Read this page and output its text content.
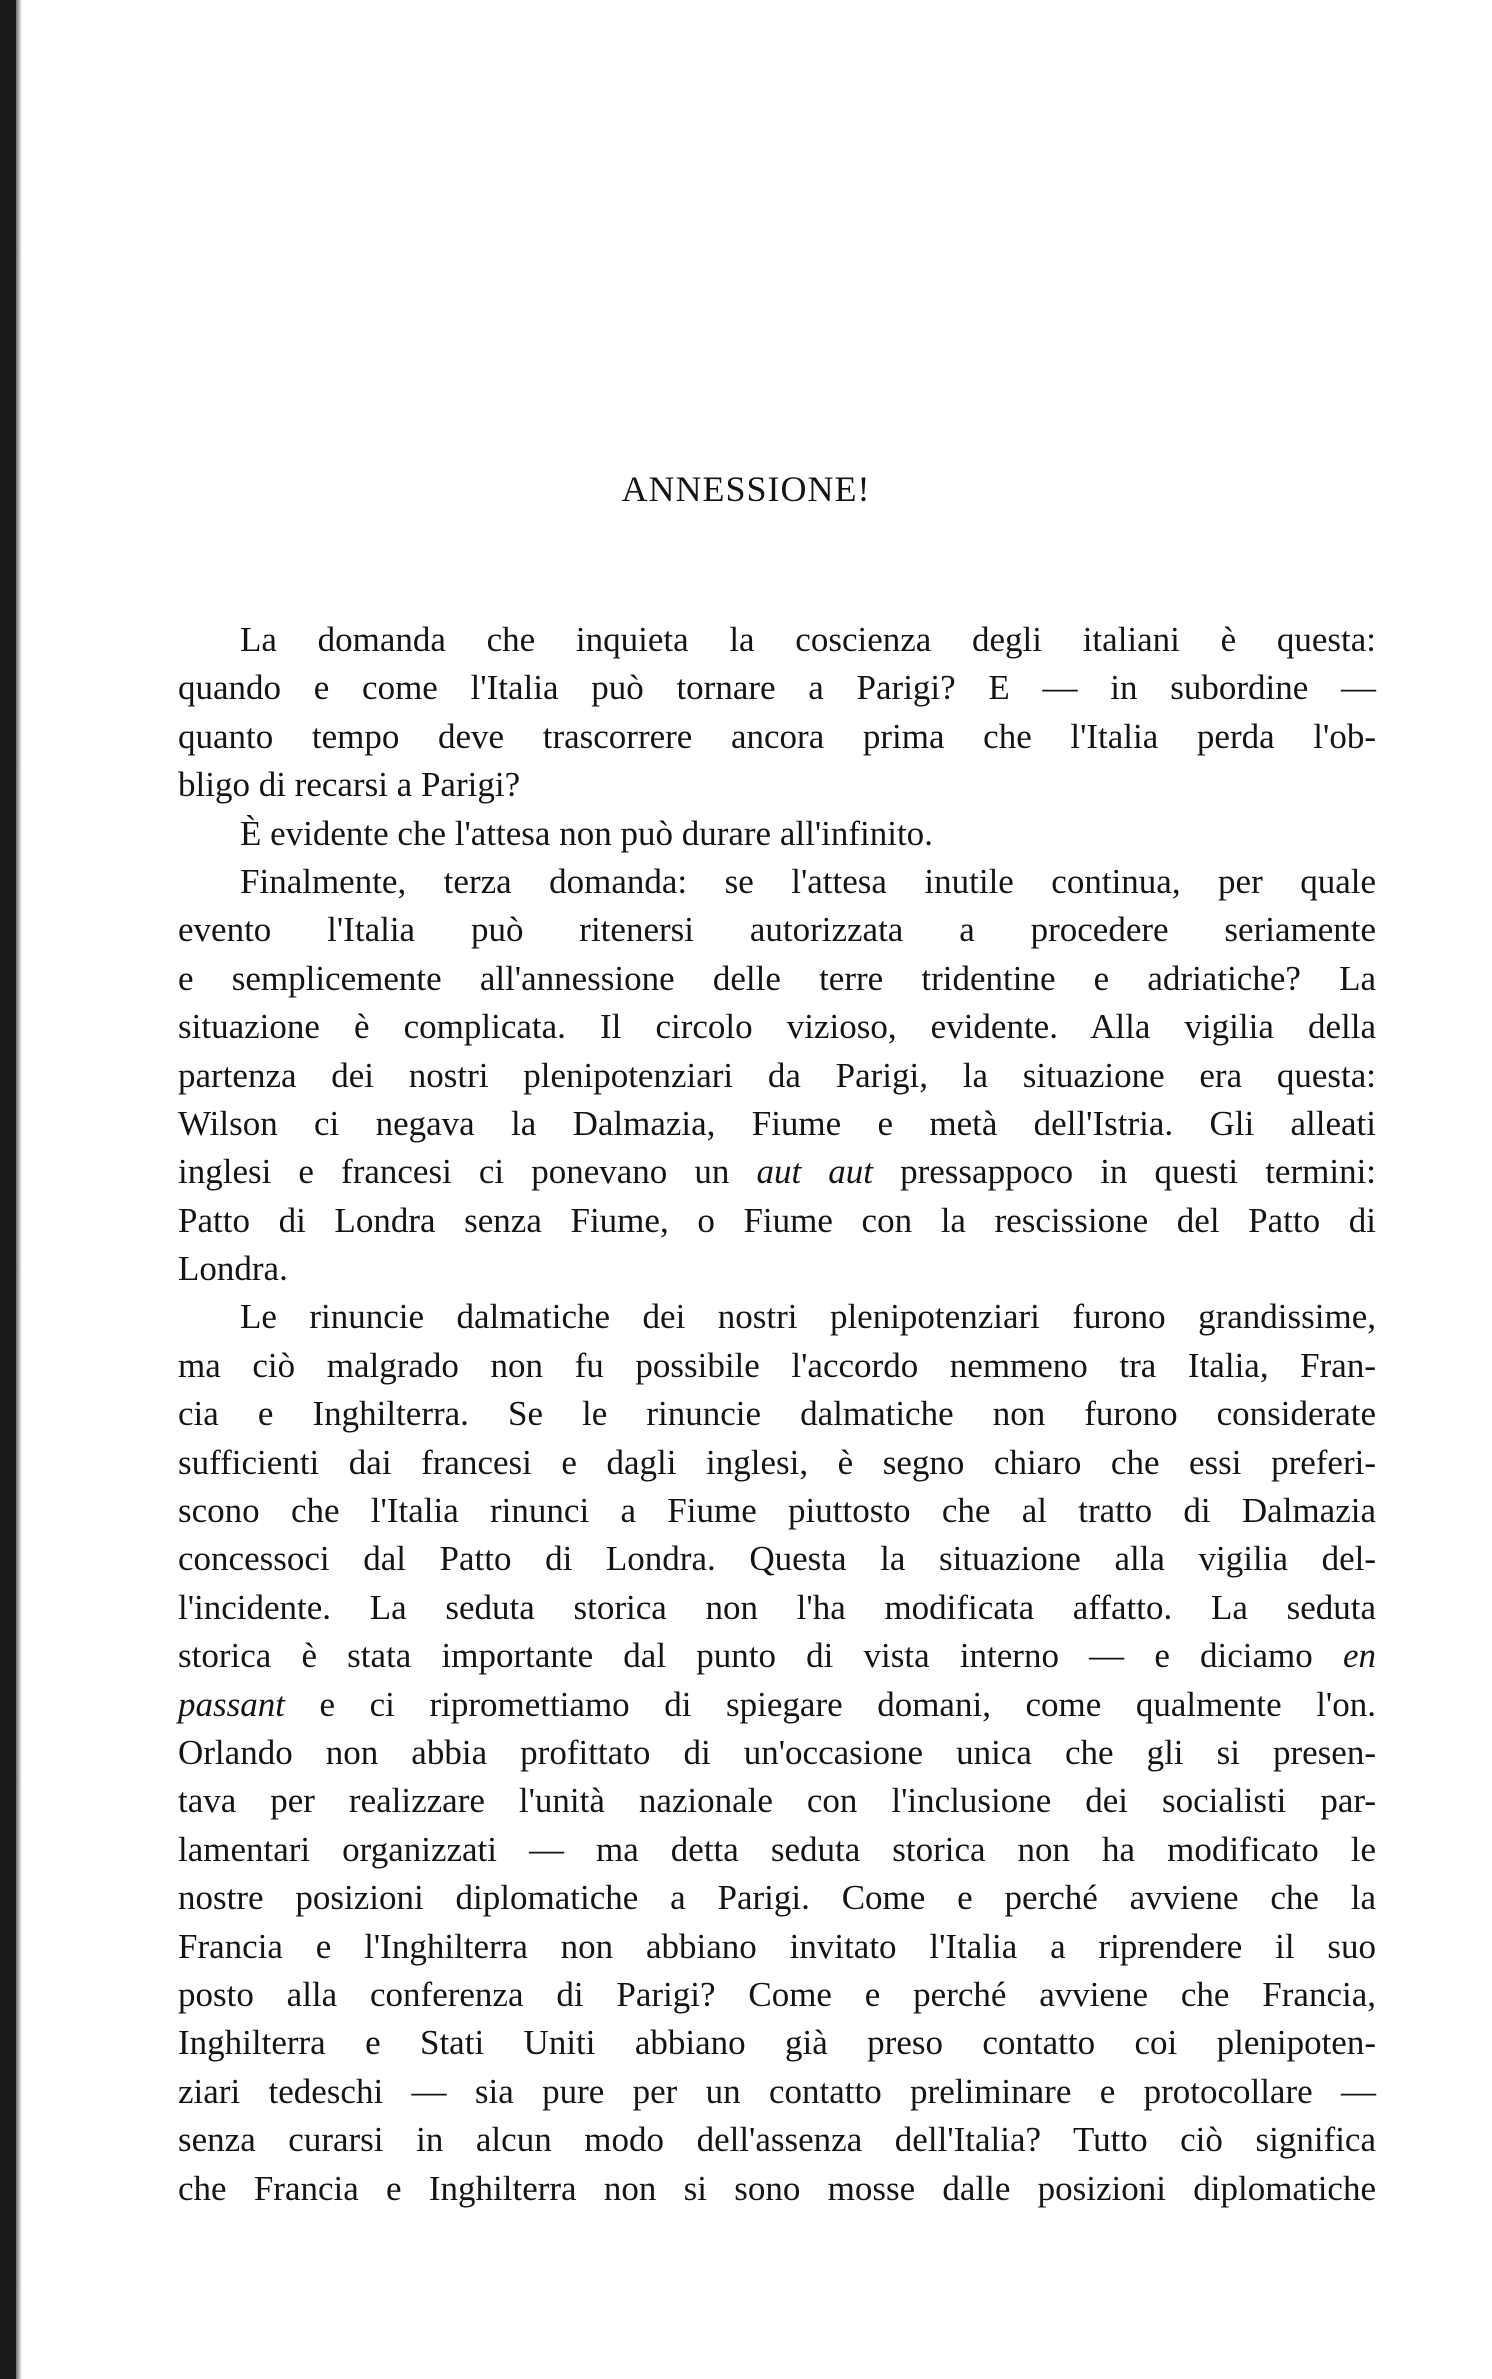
ANNESSIONE!
La domanda che inquieta la coscienza degli italiani è questa:
quando e come l'Italia può tornare a Parigi? E — in subordine —
quanto tempo deve trascorrere ancora prima che l'Italia perda l'ob-
bligo di recarsi a Parigi?
È evidente che l'attesa non può durare all'infinito.
Finalmente, terza domanda: se l'attesa inutile continua, per quale
evento l'Italia può ritenersi autorizzata a procedere seriamente
e semplicemente all'annessione delle terre tridentine e adriatiche? La
situazione è complicata. Il circolo vizioso, evidente. Alla vigilia della
partenza dei nostri plenipotenziari da Parigi, la situazione era questa:
Wilson ci negava la Dalmazia, Fiume e metà dell'Istria. Gli alleati
inglesi e francesi ci ponevano un aut aut pressappoco in questi termini:
Patto di Londra senza Fiume, o Fiume con la rescissione del Patto di
Londra.
Le rinuncie dalmatiche dei nostri plenipotenziari furono grandissime,
ma ciò malgrado non fu possibile l'accordo nemmeno tra Italia, Fran-
cia e Inghilterra. Se le rinuncie dalmatiche non furono considerate
sufficienti dai francesi e dagli inglesi, è segno chiaro che essi preferi-
scono che l'Italia rinunci a Fiume piuttosto che al tratto di Dalmazia
concessoci dal Patto di Londra. Questa la situazione alla vigilia del-
l'incidente. La seduta storica non l'ha modificata affatto. La seduta
storica è stata importante dal punto di vista interno — e diciamo en
passant e ci ripromettiamo di spiegare domani, come qualmente l'on.
Orlando non abbia profittato di un'occasione unica che gli si presen-
tava per realizzare l'unità nazionale con l'inclusione dei socialisti par-
lamentari organizzati — ma detta seduta storica non ha modificato le
nostre posizioni diplomatiche a Parigi. Come e perché avviene che la
Francia e l'Inghilterra non abbiano invitato l'Italia a riprendere il suo
posto alla conferenza di Parigi? Come e perché avviene che Francia,
Inghilterra e Stati Uniti abbiano già preso contatto coi plenipoten-
ziari tedeschi — sia pure per un contatto preliminare e protocollare —
senza curarsi in alcun modo dell'assenza dell'Italia? Tutto ciò significa
che Francia e Inghilterra non si sono mosse dalle posizioni diplomatiche
